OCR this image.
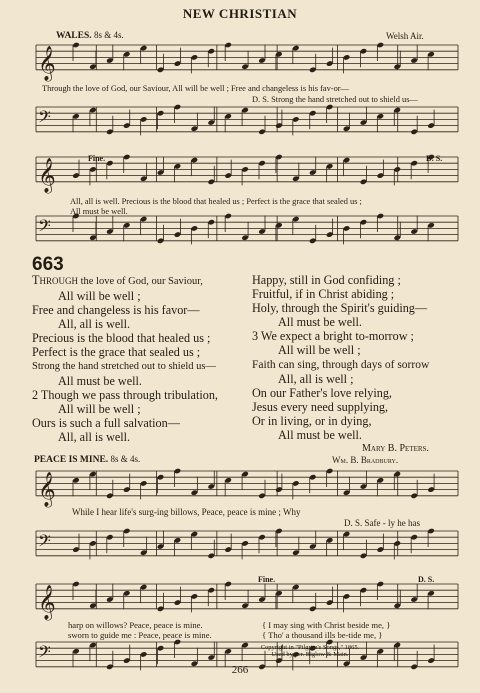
NEW CHRISTIAN
𝄞
𝄢
𝄞
𝄢
𝄞
𝄢
𝄞
𝄢
WALES. 8s & 4s.	Welsh Air.
Through the love of God, our Saviour, All will be well ; Free and changeless is his fav-or—
D. S. Strong the hand stretched out to shield us—
Fine.	D. S.
All, all is well. Precious is the blood that healed us ; Perfect is the grace that sealed us ;
All must be well.
663
Through the love of God, our Saviour,
All will be well ;
Free and changeless is his favor—
All, all is well.
Precious is the blood that healed us ;
Perfect is the grace that sealed us ;
Strong the hand stretched out to shield us—
All must be well.
2 Though we pass through tribulation,
All will be well ;
Ours is such a full salvation—
All, all is well.
Happy, still in God confiding ;
Fruitful, if in Christ abiding ;
Holy, through the Spirit's guiding—
All must be well.
3 We expect a bright to-morrow ;
All will be well ;
Faith can sing, through days of sorrow
All, all is well ;
On our Father's love relying,
Jesus every need supplying,
Or in living, or in dying,
All must be well.
Mary B. Peters.
PEACE IS MINE. 8s & 4s.	Wm. B. Bradbury.
While I hear life's surg-ing billows, Peace, peace is mine ; Why
D. S. Safe - ly he has
Fine.	D. S.
harp on willows? Peace, peace is mine.
sworn to guide me : Peace, peace is mine.
{ I may sing with Christ beside me, }
{ Tho' a thousand ills be-tide me, }
Copyright in "Pilgrim's Songs," 1865.
Used by per. Biglow & Main.
266
